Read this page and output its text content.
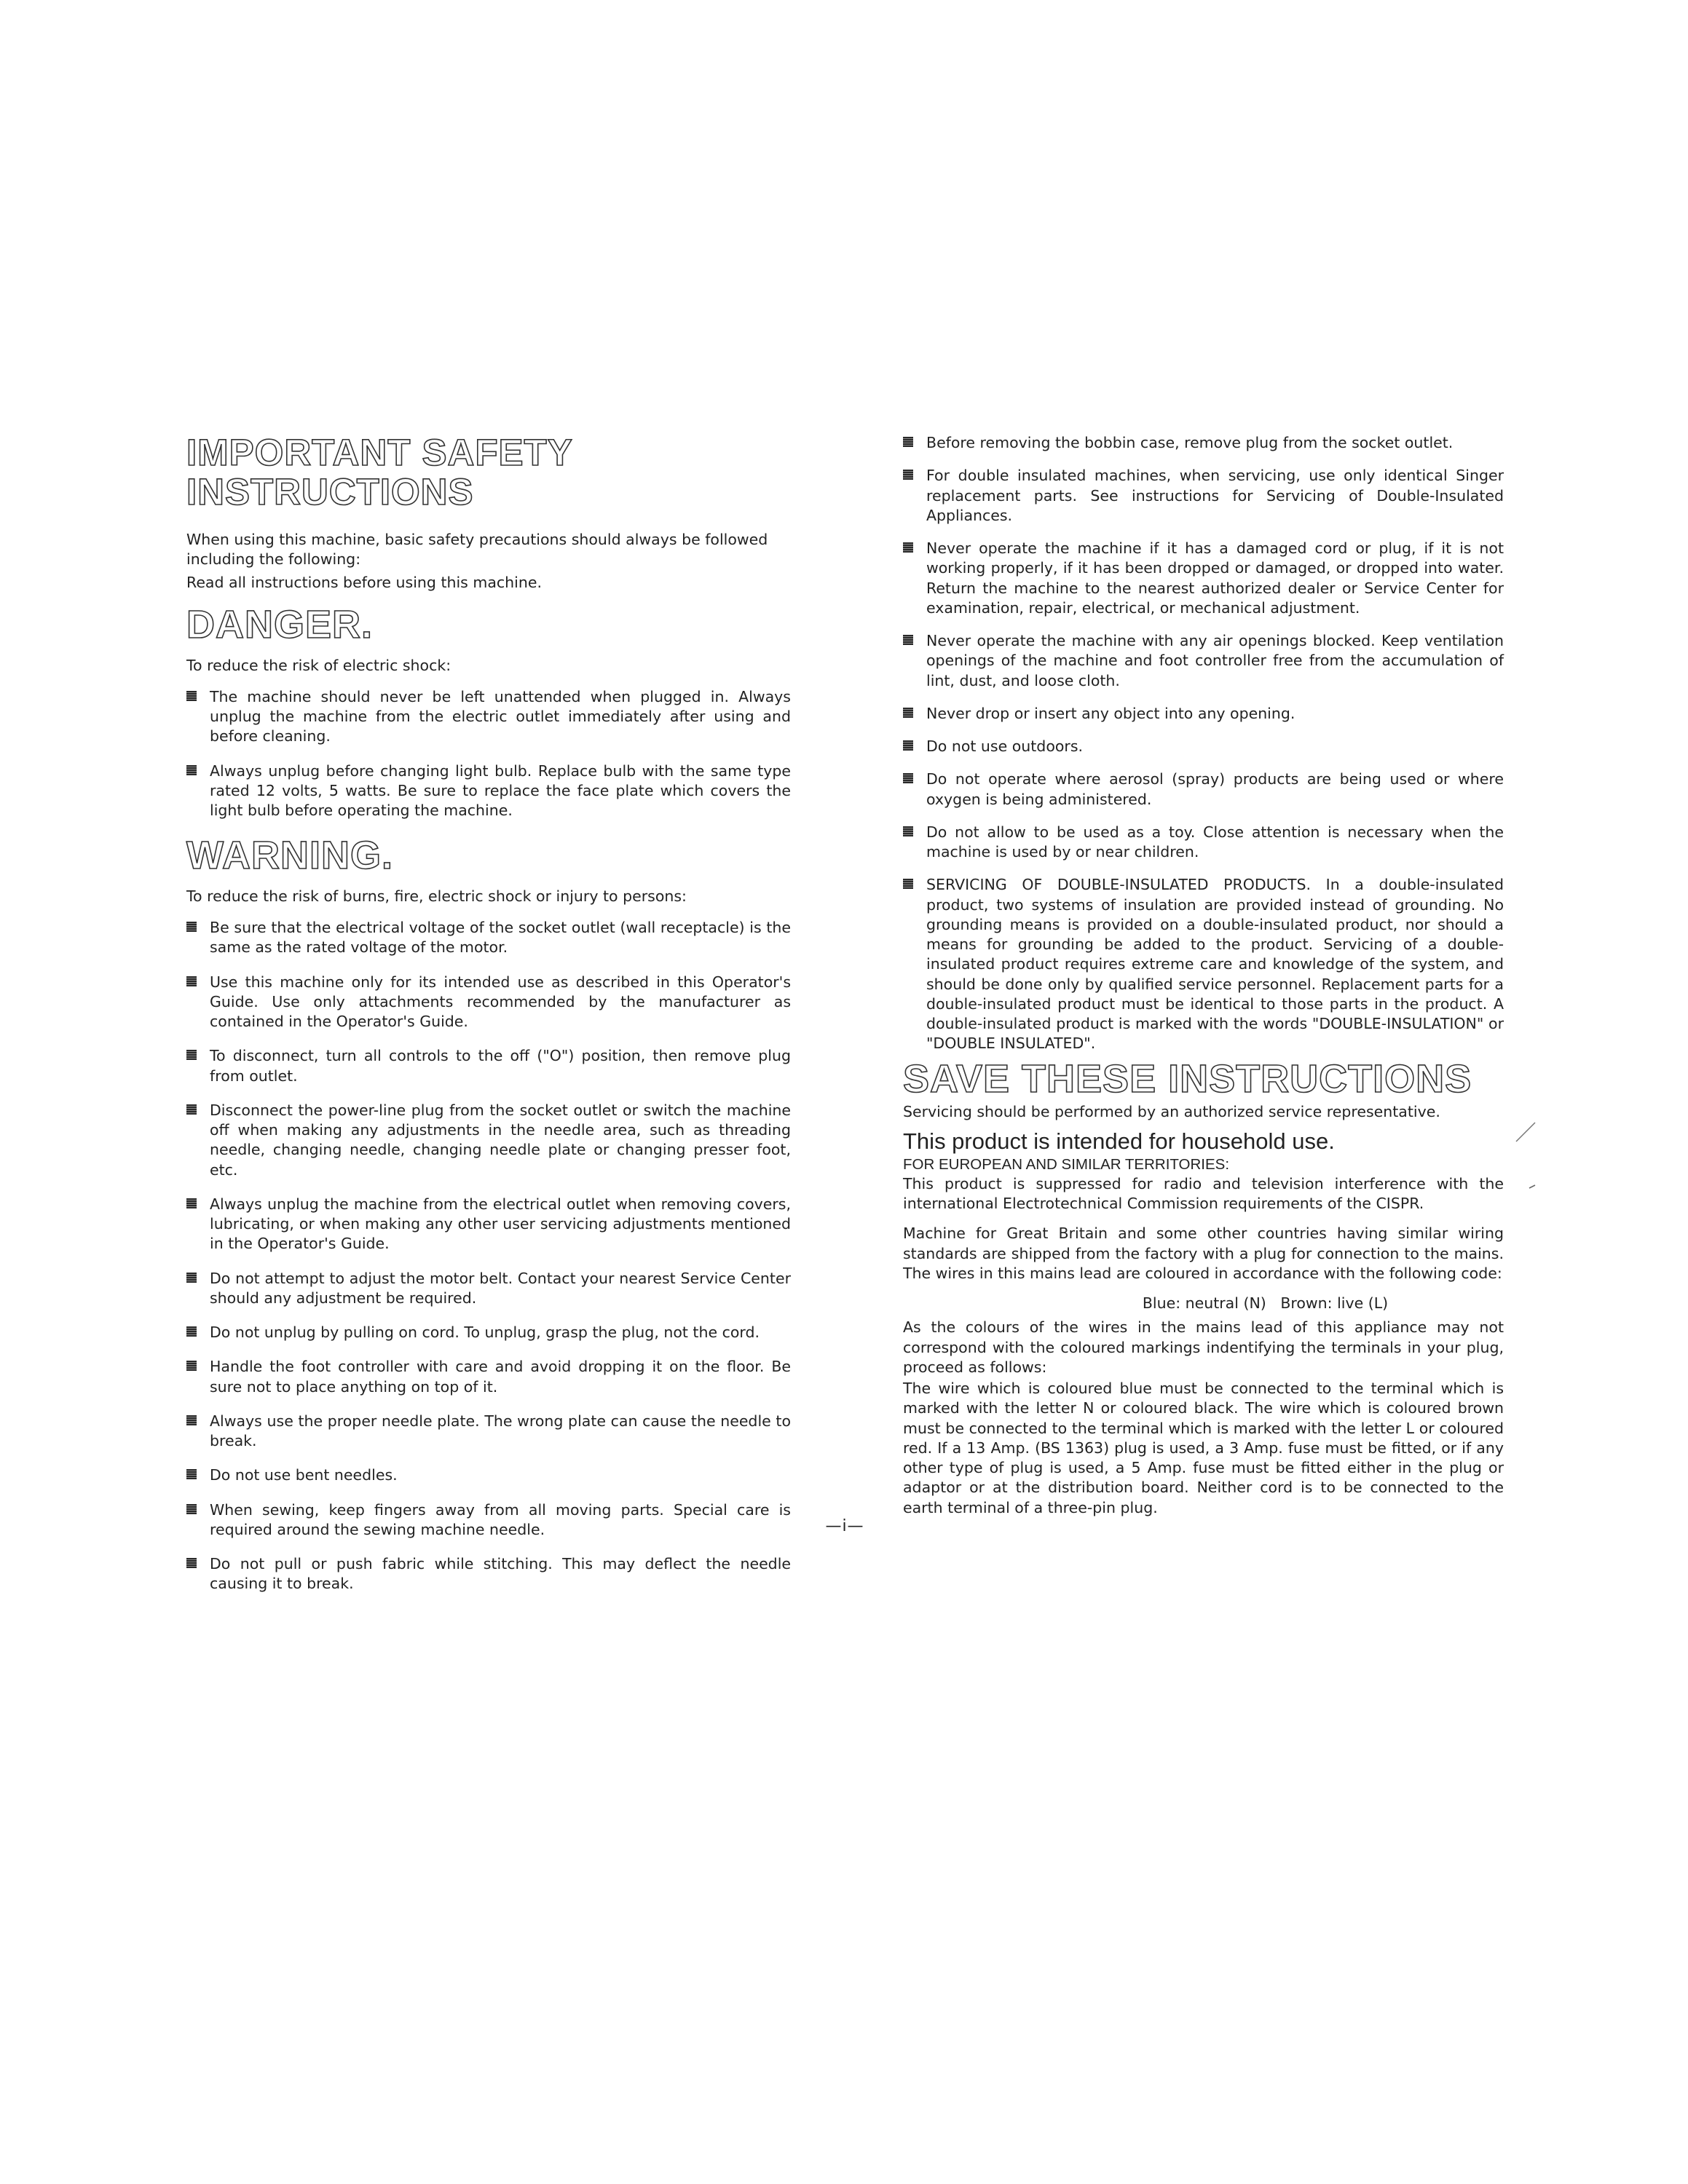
IMPORTANT SAFETY INSTRUCTIONS

When using this machine, basic safety precautions should always be followed including the following:

Read all instructions before using this machine.

DANGER.

To reduce the risk of electric shock:

The machine should never be left unattended when plugged in. Always unplug the machine from the electric outlet immediately after using and before cleaning.
Always unplug before changing light bulb. Replace bulb with the same type rated 12 volts, 5 watts. Be sure to replace the face plate which covers the light bulb before operating the machine.
WARNING.

To reduce the risk of burns, fire, electric shock or injury to persons:

Be sure that the electrical voltage of the socket outlet (wall receptacle) is the same as the rated voltage of the motor.
Use this machine only for its intended use as described in this Operator's Guide. Use only attachments recommended by the manufacturer as contained in the Operator's Guide.
To disconnect, turn all controls to the off ("O") position, then remove plug from outlet.
Disconnect the power-line plug from the socket outlet or switch the machine off when making any adjustments in the needle area, such as threading needle, changing needle, changing needle plate or changing presser foot, etc.
Always unplug the machine from the electrical outlet when removing covers, lubricating, or when making any other user servicing adjustments mentioned in the Operator's Guide.
Do not attempt to adjust the motor belt. Contact your nearest Service Center should any adjustment be required.
Do not unplug by pulling on cord. To unplug, grasp the plug, not the cord.
Handle the foot controller with care and avoid dropping it on the floor. Be sure not to place anything on top of it.
Always use the proper needle plate. The wrong plate can cause the needle to break.
Do not use bent needles.
When sewing, keep fingers away from all moving parts. Special care is required around the sewing machine needle.
Do not pull or push fabric while stitching. This may deflect the needle causing it to break.
Before removing the bobbin case, remove plug from the socket outlet.
For double insulated machines, when servicing, use only identical Singer replacement parts. See instructions for Servicing of Double-Insulated Appliances.
Never operate the machine if it has a damaged cord or plug, if it is not working properly, if it has been dropped or damaged, or dropped into water. Return the machine to the nearest authorized dealer or Service Center for examination, repair, electrical, or mechanical adjustment.
Never operate the machine with any air openings blocked. Keep ventilation openings of the machine and foot controller free from the accumulation of lint, dust, and loose cloth.
Never drop or insert any object into any opening.
Do not use outdoors.
Do not operate where aerosol (spray) products are being used or where oxygen is being administered.
Do not allow to be used as a toy. Close attention is necessary when the machine is used by or near children.
SERVICING OF DOUBLE-INSULATED PRODUCTS. In a double-insulated product, two systems of insulation are provided instead of grounding. No grounding means is provided on a double-insulated product, nor should a means for grounding be added to the product. Servicing of a double-insulated product requires extreme care and knowledge of the system, and should be done only by qualified service personnel. Replacement parts for a double-insulated product must be identical to those parts in the product. A double-insulated product is marked with the words "DOUBLE-INSULATION" or "DOUBLE INSULATED".
SAVE THESE INSTRUCTIONS

Servicing should be performed by an authorized service representative.

This product is intended for household use.

FOR EUROPEAN AND SIMILAR TERRITORIES:

This product is suppressed for radio and television interference with the international Electrotechnical Commission requirements of the CISPR.

Machine for Great Britain and some other countries having similar wiring standards are shipped from the factory with a plug for connection to the mains. The wires in this mains lead are coloured in accordance with the following code:

Blue: neutral (N)   Brown: live (L)

As the colours of the wires in the mains lead of this appliance may not correspond with the coloured markings indentifying the terminals in your plug, proceed as follows:

The wire which is coloured blue must be connected to the terminal which is marked with the letter N or coloured black. The wire which is coloured brown must be connected to the terminal which is marked with the letter L or coloured red. If a 13 Amp. (BS 1363) plug is used, a 3 Amp. fuse must be fitted, or if any other type of plug is used, a 5 Amp. fuse must be fitted either in the plug or adaptor or at the distribution board. Neither cord is to be connected to the earth terminal of a three-pin plug.

—i—
